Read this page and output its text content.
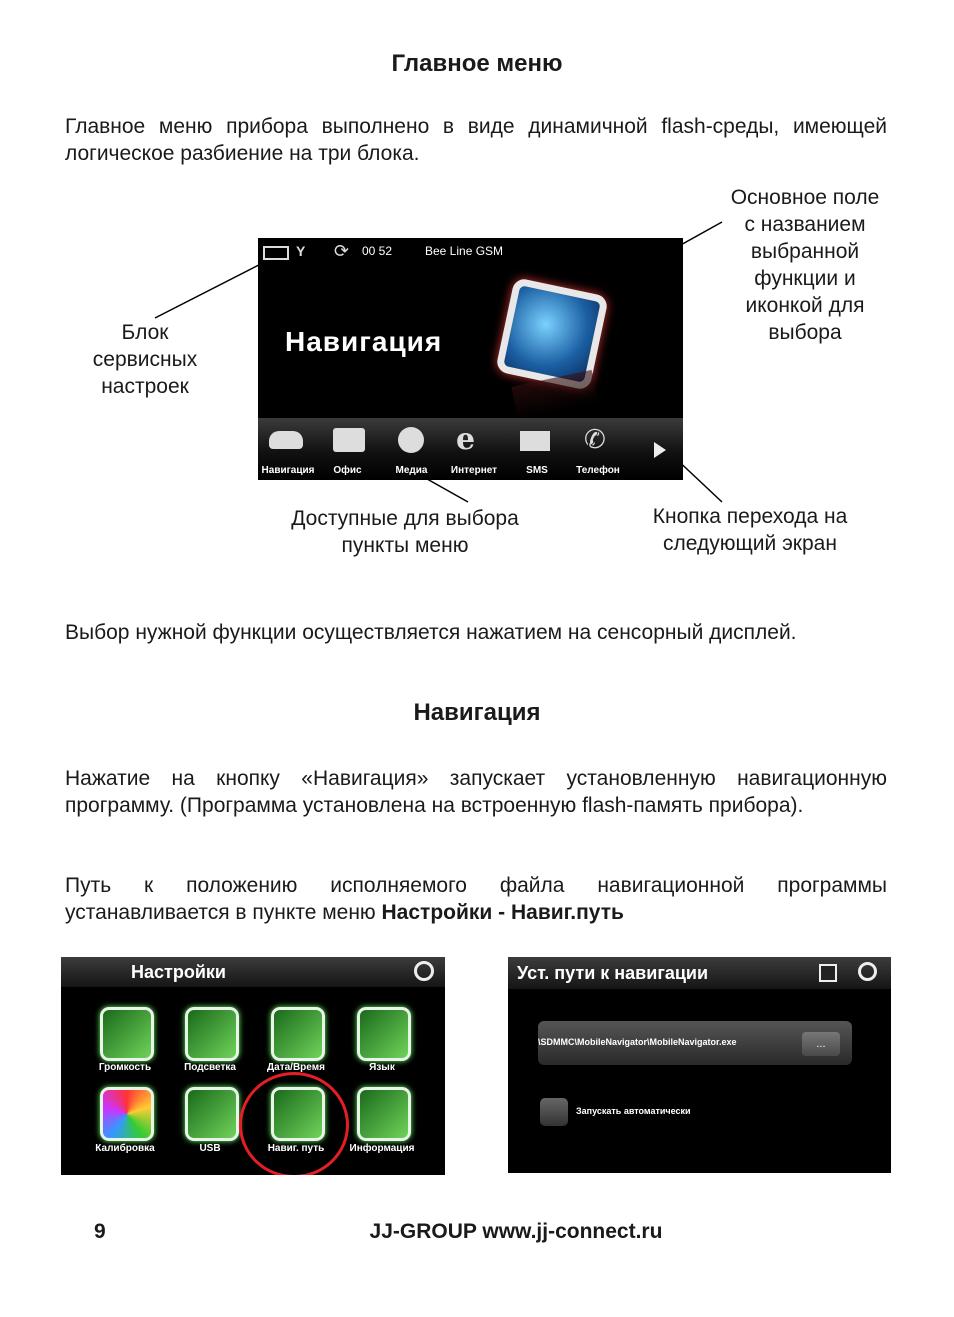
Главное меню

Главное меню прибора выполнено в виде динамичной flash-среды, имеющей логическое разбиение на три блока.

Основное поле с названием выбранной функции и иконкой для выбора
Блок сервисных настроек
Y ⟳ 00 52	Bee Line GSM
Навигация
e	✆
Навигация	Офис	Медиа	Интернет	SMS	Телефон
Доступные для выбора пункты меню
Кнопка перехода на следующий экран

Выбор нужной функции осуществляется нажатием на сенсорный дисплей.

Навигация

Нажатие на кнопку «Навигация» запускает установленную навигационную программу. (Программа установлена на встроенную flash-память прибора).

Путь к положению исполняемого файла навигационной программы устанавливается в пункте меню Настройки - Навиг.путь

Настройки
Громкость	Подсветка	Дата/Время	Язык
Калибровка	USB	Навиг. путь	Информация
Уст. пути к навигации
\SDMMC\MobileNavigator\MobileNavigator.exe	...
Запускать автоматически
9	JJ-GROUP www.jj-connect.ru
